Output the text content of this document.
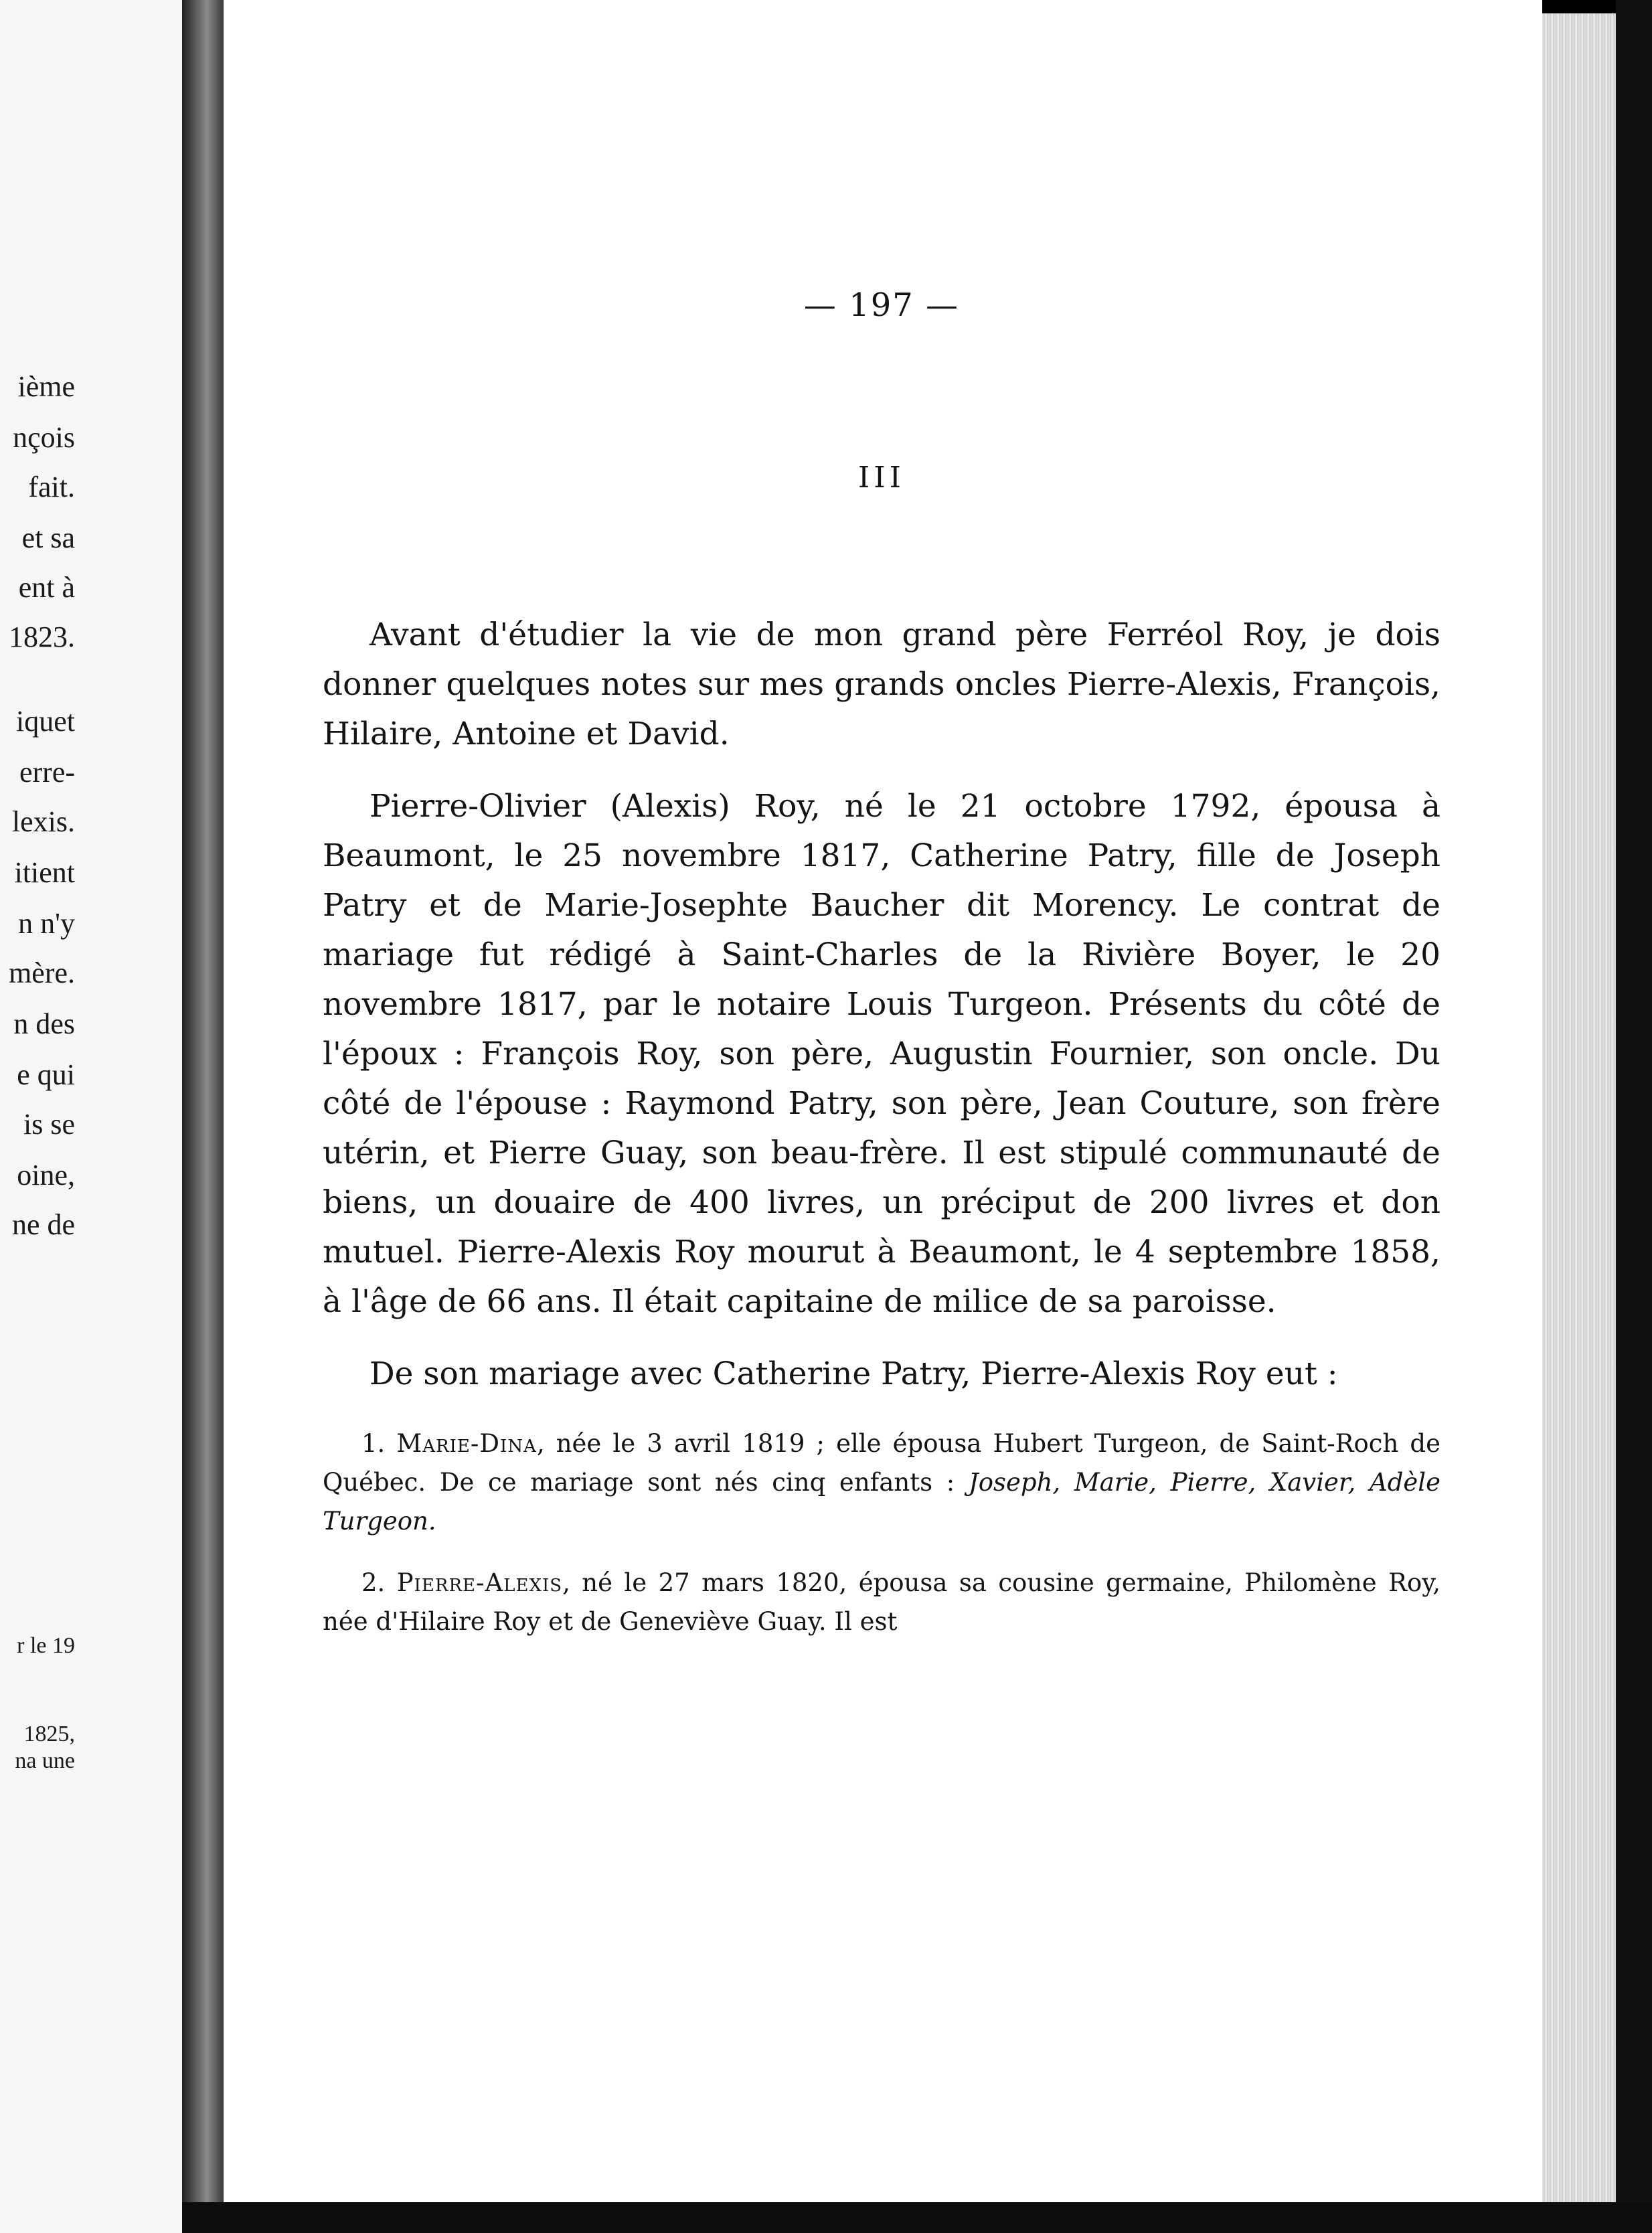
ième
nçois
fait.
et sa
ent à
1823.
iquet
erre-
lexis.
itient
n n'y
mère.
n des
e qui
is se
oine,
ne de
r le 19
1825,
na une
— 197 —
III

Avant d'étudier la vie de mon grand père Ferréol Roy, je dois donner quelques notes sur mes grands oncles Pierre-Alexis, François, Hilaire, Antoine et David.

Pierre-Olivier (Alexis) Roy, né le 21 octobre 1792, épousa à Beaumont, le 25 novembre 1817, Catherine Patry, fille de Joseph Patry et de Marie-Josephte Baucher dit Morency. Le contrat de mariage fut rédigé à Saint-Charles de la Rivière Boyer, le 20 novembre 1817, par le notaire Louis Turgeon. Présents du côté de l'époux : François Roy, son père, Augustin Fournier, son oncle. Du côté de l'épouse : Raymond Patry, son père, Jean Couture, son frère utérin, et Pierre Guay, son beau-frère. Il est stipulé communauté de biens, un douaire de 400 livres, un préciput de 200 livres et don mutuel. Pierre-Alexis Roy mourut à Beaumont, le 4 septembre 1858, à l'âge de 66 ans. Il était capitaine de milice de sa paroisse.

De son mariage avec Catherine Patry, Pierre-Alexis Roy eut :

1. Marie-Dina, née le 3 avril 1819 ; elle épousa Hubert Turgeon, de Saint-Roch de Québec. De ce mariage sont nés cinq enfants : Joseph, Marie, Pierre, Xavier, Adèle Turgeon.

2. Pierre-Alexis, né le 27 mars 1820, épousa sa cousine germaine, Philomène Roy, née d'Hilaire Roy et de Geneviève Guay. Il est
